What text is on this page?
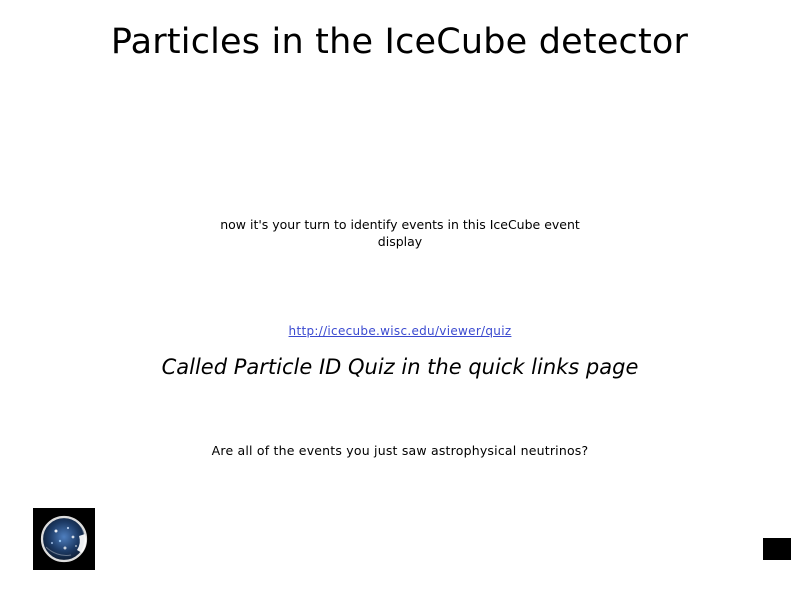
Particles in the IceCube detector
now it's your turn to identify events in this IceCube event display
http://icecube.wisc.edu/viewer/quiz
Called Particle ID Quiz in the quick links page
Are all of the events you just saw astrophysical neutrinos?
